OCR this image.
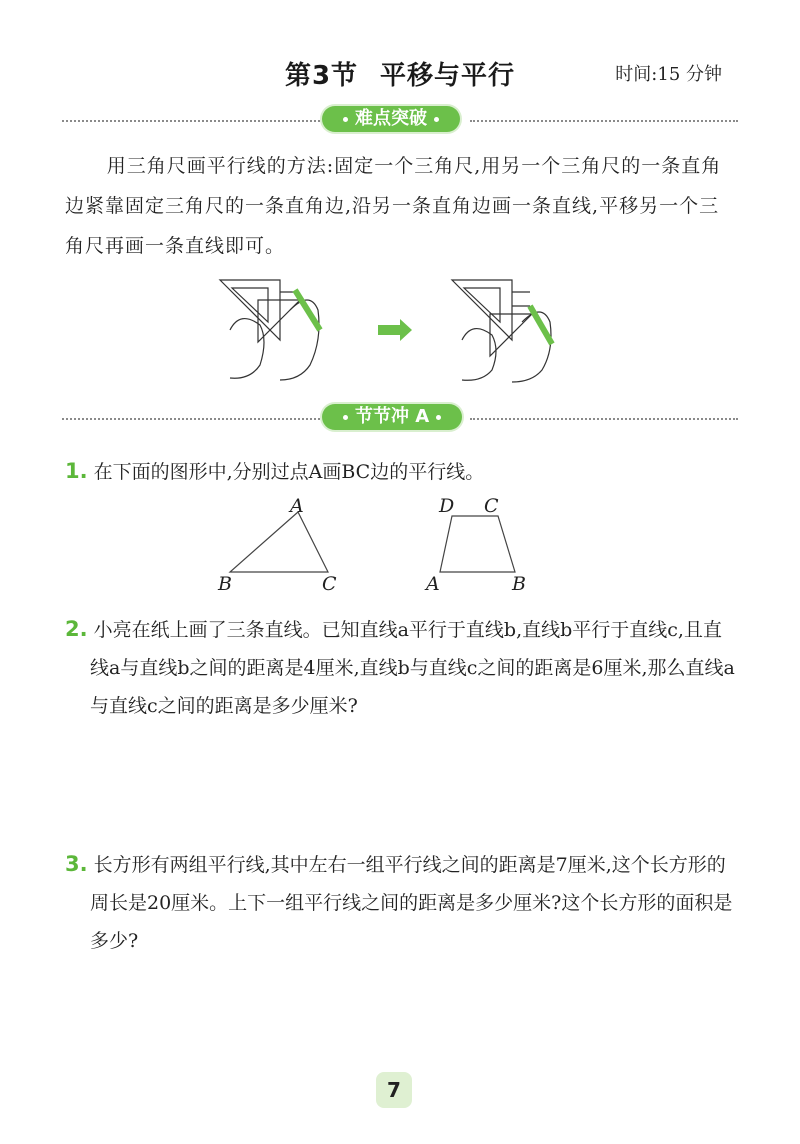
第3节 平移与平行	时间:15 分钟
难点突破

用三角尺画平行线的方法:固定一个三角尺,用另一个三角尺的一条直角边紧靠固定三角尺的一条直角边,沿另一条直角边画一条直线,平移另一个三角尺再画一条直线即可。

节节冲 A
1. 在下面的图形中,分别过点A画BC边的平行线。
A
B	C
D C
A	B
2. 小亮在纸上画了三条直线。已知直线a平行于直线b,直线b平行于直线c,且直线a与直线b之间的距离是4厘米,直线b与直线c之间的距离是6厘米,那么直线a与直线c之间的距离是多少厘米?
3. 长方形有两组平行线,其中左右一组平行线之间的距离是7厘米,这个长方形的周长是20厘米。上下一组平行线之间的距离是多少厘米?这个长方形的面积是多少?
7
